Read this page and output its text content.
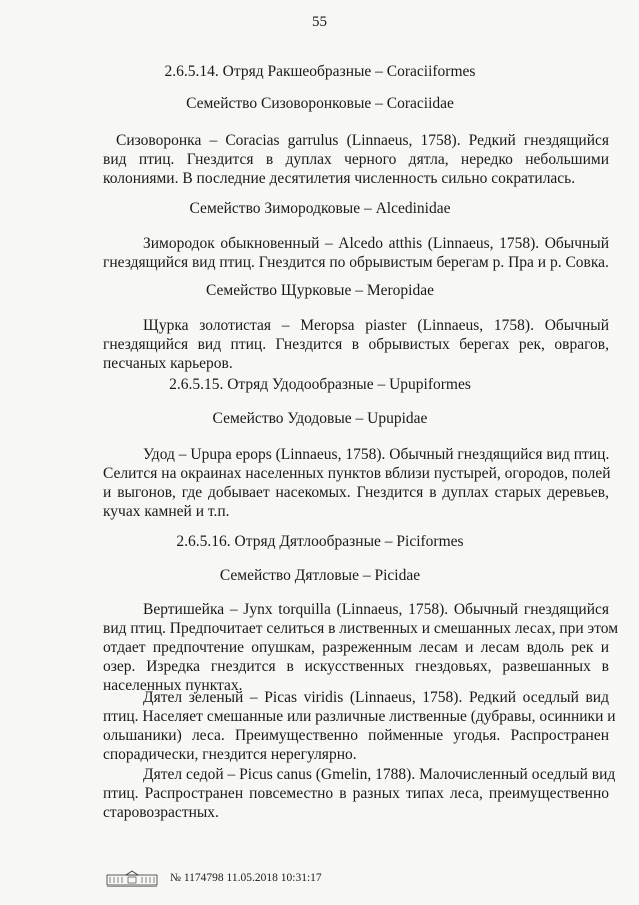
55
2.6.5.14. Отряд Ракшеобразные – Coraciiformes
Семейство Сизоворонковые – Coraciidae
Сизоворонка – Coracias garrulus (Linnaeus, 1758). Редкий гнездящийся
вид птиц. Гнездится в дуплах черного дятла, нередко небольшими
колониями. В последние десятилетия численность сильно сократилась.
Семейство Зимородковые – Alcedinidae
Зимородок обыкновенный – Alcedo atthis (Linnaeus, 1758). Обычный
гнездящийся вид птиц. Гнездится по обрывистым берегам р. Пра и р. Совка.
Семейство Щурковые – Meropidae
Щурка золотистая – Meropsa piaster (Linnaeus, 1758). Обычный
гнездящийся вид птиц. Гнездится в обрывистых берегах рек, оврагов,
песчаных карьеров.
2.6.5.15. Отряд Удодообразные – Upupiformes
Семейство Удодовые – Upupidae
Удод – Upupa epops (Linnaeus, 1758). Обычный гнездящийся вид птиц.
Селится на окраинах населенных пунктов вблизи пустырей, огородов, полей
и выгонов, где добывает насекомых. Гнездится в дуплах старых деревьев,
кучах камней и т.п.
2.6.5.16. Отряд Дятлообразные – Piciformes
Семейство Дятловые – Picidae
Вертишейка – Jynx torquilla (Linnaeus, 1758). Обычный гнездящийся
вид птиц. Предпочитает селиться в лиственных и смешанных лесах, при этом
отдает предпочтение опушкам, разреженным лесам и лесам вдоль рек и
озер. Изредка гнездится в искусственных гнездовьях, развешанных в
населенных пунктах.
Дятел зеленый – Picas viridis (Linnaeus, 1758). Редкий оседлый вид
птиц. Населяет смешанные или различные лиственные (дубравы, осинники и
ольшаники) леса. Преимущественно пойменные угодья. Распространен
спорадически, гнездится нерегулярно.
Дятел седой – Picus canus (Gmelin, 1788). Малочисленный оседлый вид
птиц. Распространен повсеместно в разных типах леса, преимущественно
старовозрастных.
№ 1174798 11.05.2018 10:31:17
